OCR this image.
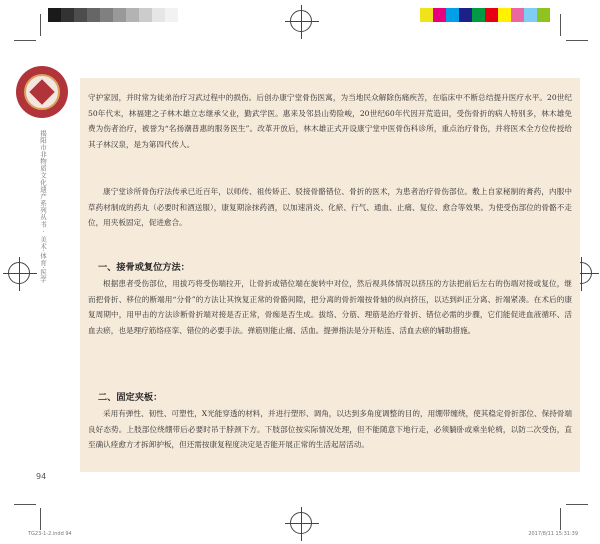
揭阳市非物质文化遗产系列丛书 · 美术·体育·医学
94

守护家园，并时常为徒弟治疗习武过程中的损伤。后创办康宁堂骨伤医寓，为当地民众解除伤痛疾苦，在临床中不断总结提升医疗水平。20世纪50年代末，林福建之子林木雄立志继承父业，勤武学医。惠来及邻县山势险峻，20世纪60年代因开荒造田，受伤骨折的病人特别多，林木雄免费为伤者治疗，被誉为“名扬潮普惠的服务医生”。改革开放后，林木雄正式开设康宁堂中医骨伤科诊所，重点治疗骨伤，并将医术全方位传授给其子林汉泉，是为第四代传人。

康宁堂诊所骨伤疗法传承已近百年，以师传、祖传矫正、驳接骨骼错位、骨折的医术，为患者治疗骨伤部位。敷上自家秘制的膏药，内服中草药材制成的药丸（必要时和酒送服），康复期涂抹药酒，以加速消炎、化瘀、行气、通血、止痛、复位、愈合等效果。为使受伤部位的骨骼不走位，用夹板固定，促进愈合。

一、接骨或复位方法：

根据患者受伤部位，用拔巧将受伤端拉开，让骨折或错位端在旋转中对位，然后视具体情况以挤压的方法把前后左右的伤端对接或复位，继而把骨折、移位的断端用“分骨”的方法让其恢复正常的骨骼间隙，把分离的骨折端按骨轴的纵向挤压，以达到纠正分离、折端紧凑。在术后的康复周期中，用甲击的方法诊断骨折端对接是否正常，骨痂是否生成。拔络、分筋、理筋是治疗骨折、错位必需的步骤，它们能促进血液循环、活血去瘀，也是理疗筋络痉挛、错位的必要手法。弹筋则能止痛、活血。提弹指法是分开粘连、活血去瘀的辅助措施。

二、固定夹板：

采用有弹性、韧性、可塑性，X光能穿透的材料，并进行塑形、调角，以达到多角度调整的目的，用绷带缠绕，使其稳定骨折部位、保持骨端良好态势。上肢部位绕绷带后必要时吊于脖颈下方。下肢部位按实际情况处理，但不能随意下地行走，必须躺卧或乘坐轮椅，以防二次受伤，直至确认痊愈方才拆卸护板，但还需按康复程度决定是否能开展正常的生活起居活动。

TG23-1-2.indd 94	2017/8/11 15:31:39
